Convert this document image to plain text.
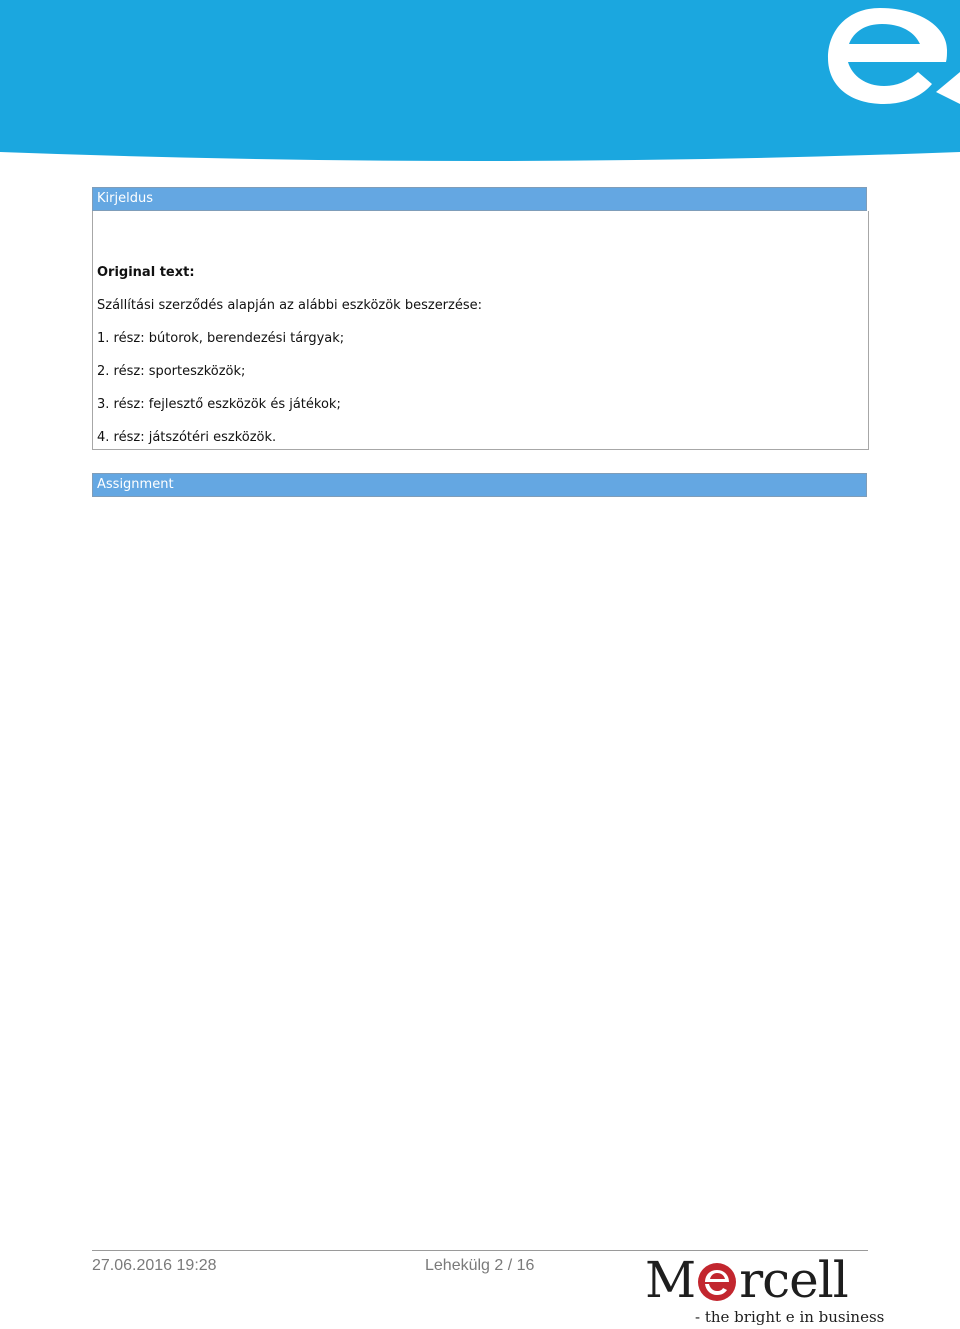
Kirjeldus
Original text:
Szállítási szerződés alapján az alábbi eszközök beszerzése:
1. rész: bútorok, berendezési tárgyak;
2. rész: sporteszközök;
3. rész: fejlesztő eszközök és játékok;
4. rész: játszótéri eszközök.
Assignment
27.06.2016 19:28	Lehekülg 2 / 16 M rcell
- the bright e in business
